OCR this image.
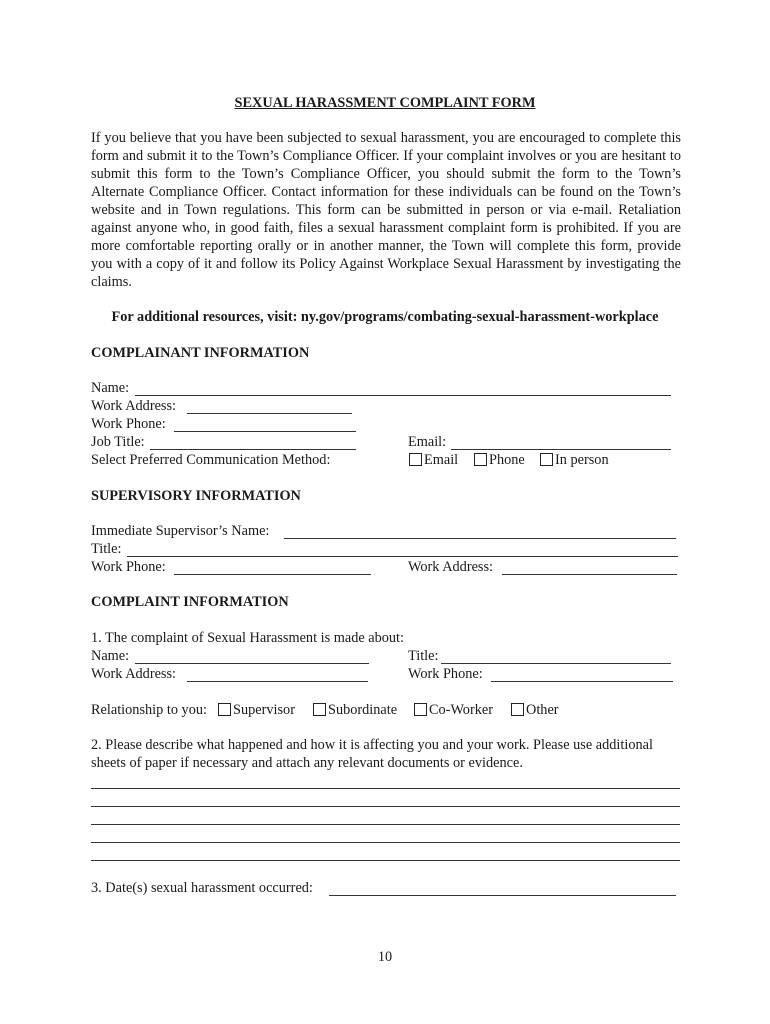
SEXUAL HARASSMENT COMPLAINT FORM
If you believe that you have been subjected to sexual harassment, you are encouraged to complete this form and submit it to the Town’s Compliance Officer. If your complaint involves or you are hesitant to submit this form to the Town’s Compliance Officer, you should submit the form to the Town’s Alternate Compliance Officer. Contact information for these individuals can be found on the Town’s website and in Town regulations. This form can be submitted in person or via e-mail. Retaliation against anyone who, in good faith, files a sexual harassment complaint form is prohibited. If you are more comfortable reporting orally or in another manner, the Town will complete this form, provide you with a copy of it and follow its Policy Against Workplace Sexual Harassment by investigating the claims.
For additional resources, visit: ny.gov/programs/combating-sexual-harassment-workplace
COMPLAINANT INFORMATION
Name:
Work Address:
Work Phone:
Job Title:	Email:
Select Preferred Communication Method:	Email Phone In person
SUPERVISORY INFORMATION
Immediate Supervisor’s Name:
Title:
Work Phone:	Work Address:
COMPLAINT INFORMATION
1. The complaint of Sexual Harassment is made about:
Name:	Title:
Work Address:	Work Phone:
Relationship to you: Supervisor Subordinate Co-Worker Other
2. Please describe what happened and how it is affecting you and your work. Please use additional sheets of paper if necessary and attach any relevant documents or evidence.
3. Date(s) sexual harassment occurred:
10
